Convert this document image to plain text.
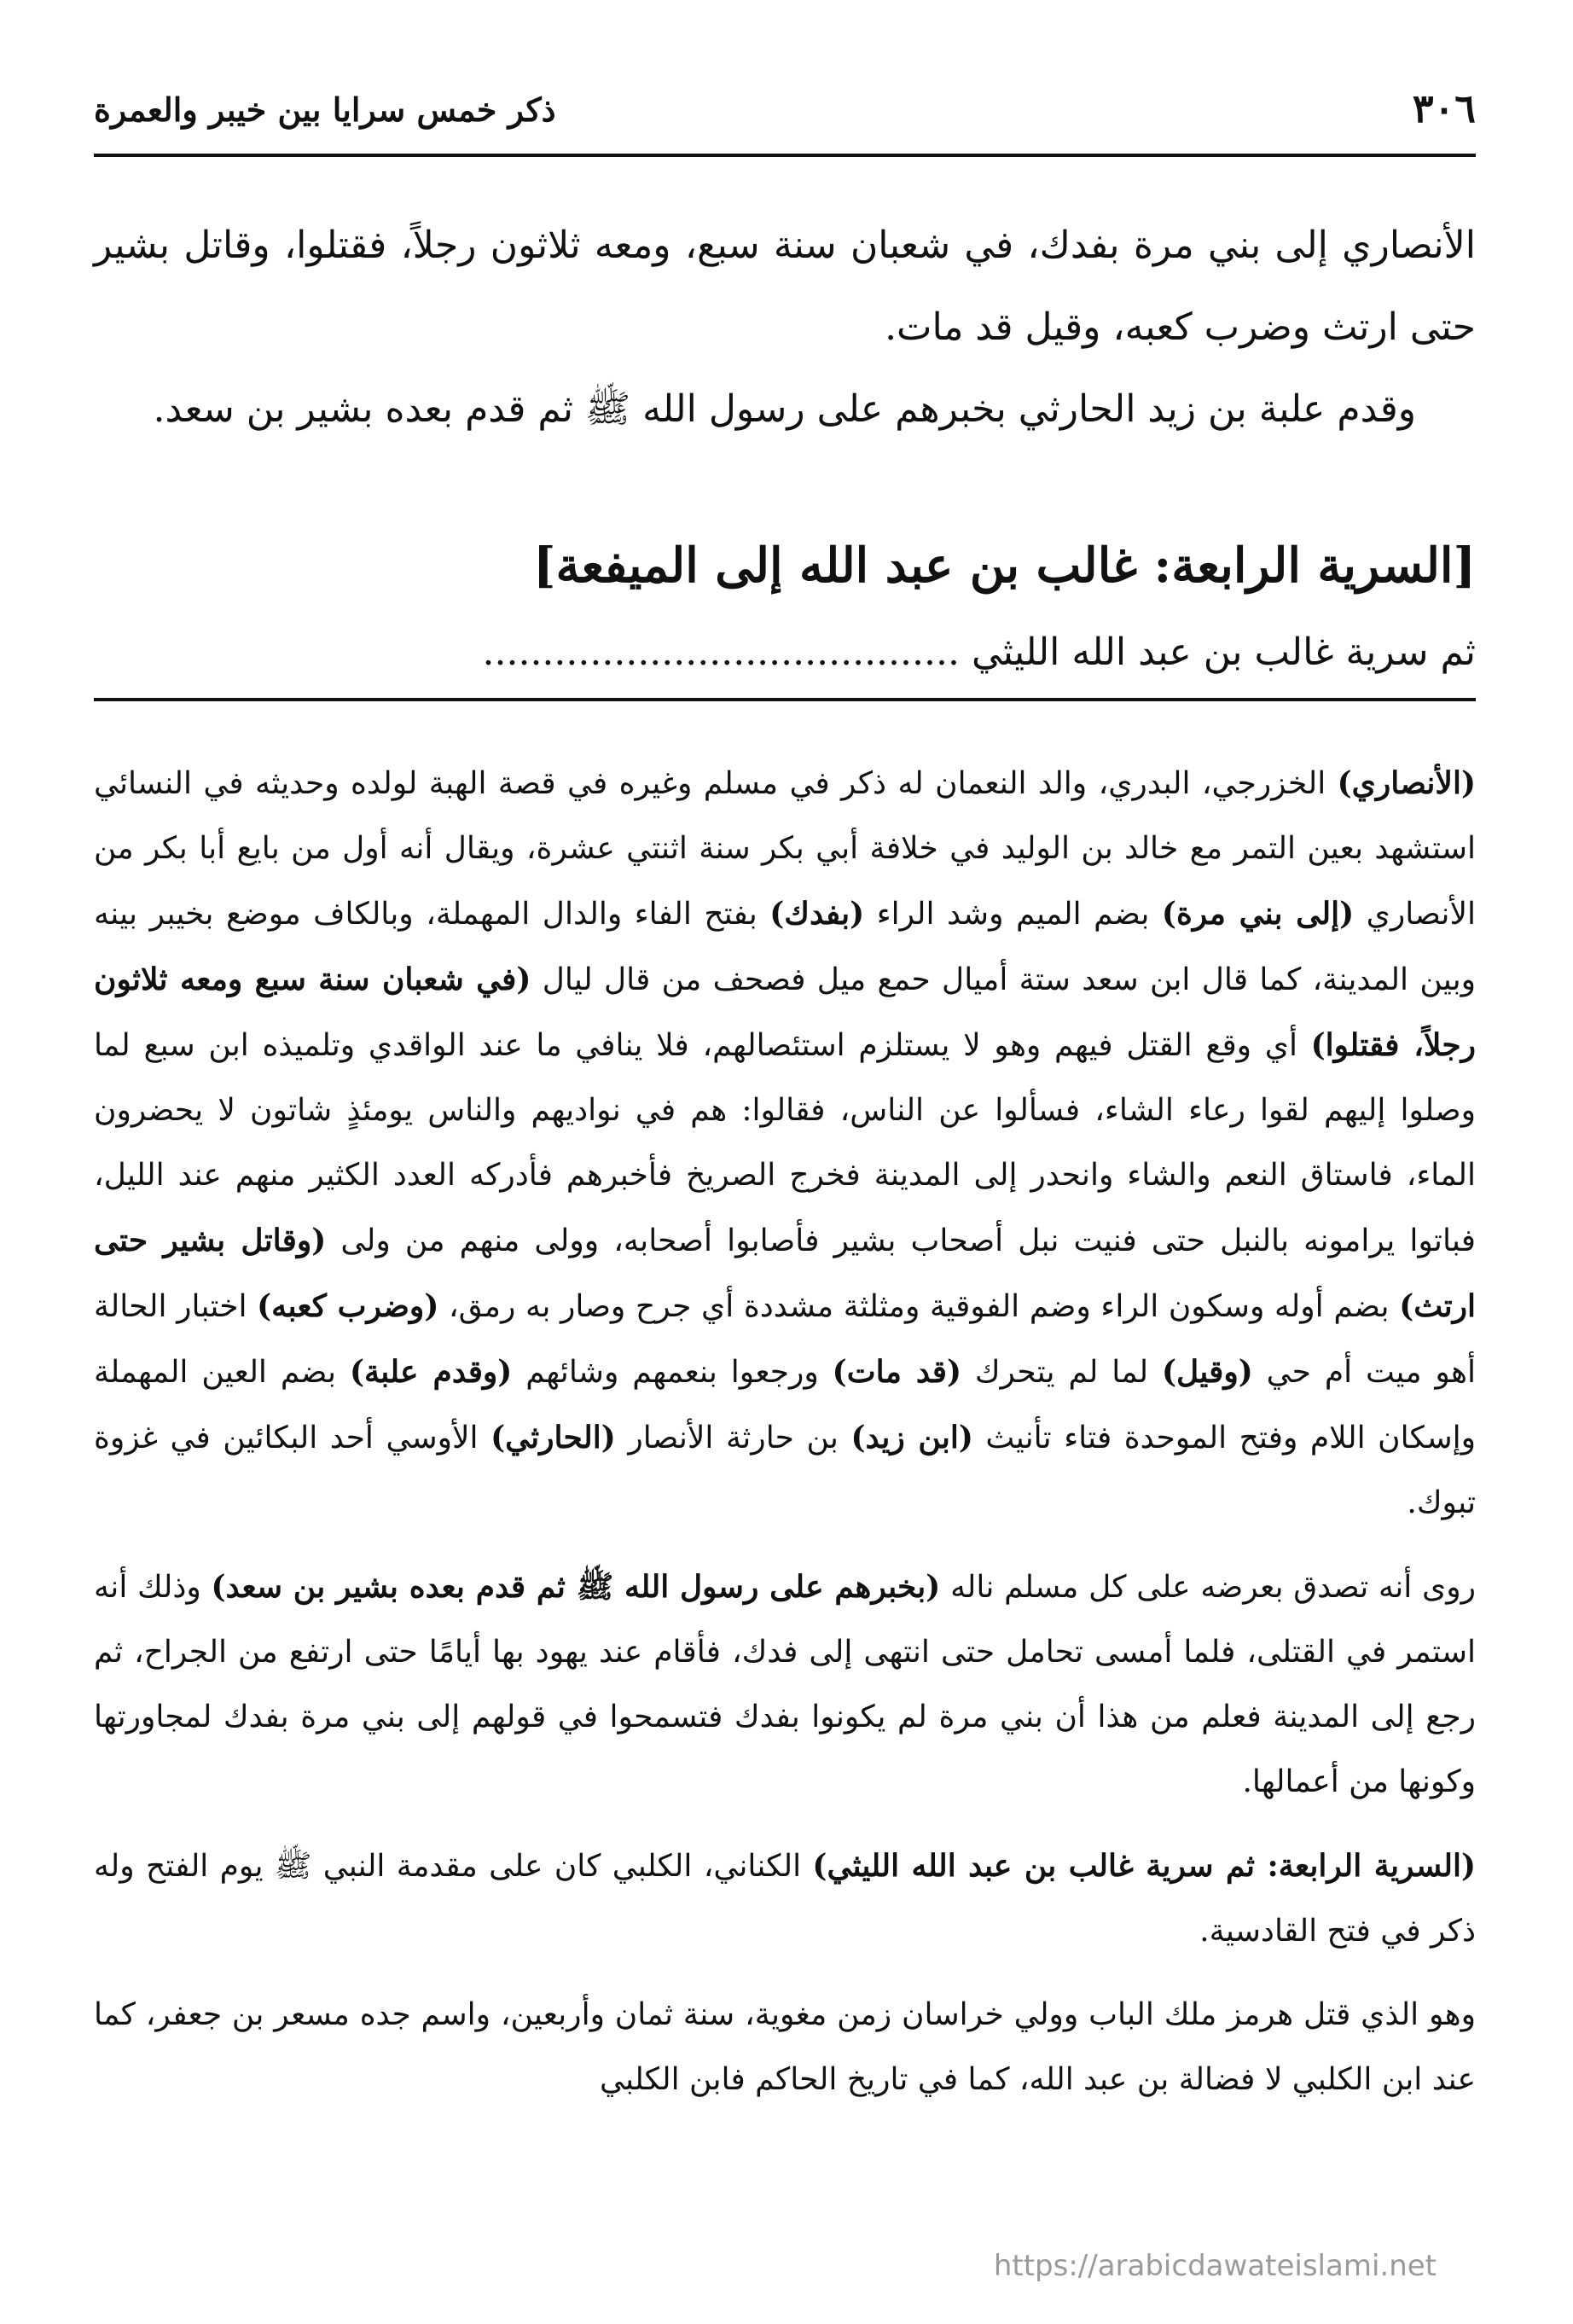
٣٠٦
ذكر خمس سرايا بين خيبر والعمرة

الأنصاري إلى بني مرة بفدك، في شعبان سنة سبع، ومعه ثلاثون رجلاً، فقتلوا، وقاتل بشير حتى ارتث وضرب كعبه، وقيل قد مات.

وقدم علبة بن زيد الحارثي بخبرهم على رسول الله ﷺ ثم قدم بعده بشير بن سعد.

[السرية الرابعة: غالب بن عبد الله إلى الميفعة]
ثم سرية غالب بن عبد الله الليثي ........................................

(الأنصاري) الخزرجي، البدري، والد النعمان له ذكر في مسلم وغيره في قصة الهبة لولده وحديثه في النسائي استشهد بعين التمر مع خالد بن الوليد في خلافة أبي بكر سنة اثنتي عشرة، ويقال أنه أول من بايع أبا بكر من الأنصاري (إلى بني مرة) بضم الميم وشد الراء (بفدك) بفتح الفاء والدال المهملة، وبالكاف موضع بخيبر بينه وبين المدينة، كما قال ابن سعد ستة أميال حمع ميل فصحف من قال ليال (في شعبان سنة سبع ومعه ثلاثون رجلاً، فقتلوا) أي وقع القتل فيهم وهو لا يستلزم استئصالهم، فلا ينافي ما عند الواقدي وتلميذه ابن سبع لما وصلوا إليهم لقوا رعاء الشاء، فسألوا عن الناس، فقالوا: هم في نواديهم والناس يومئذٍ شاتون لا يحضرون الماء، فاستاق النعم والشاء وانحدر إلى المدينة فخرج الصريخ فأخبرهم فأدركه العدد الكثير منهم عند الليل، فباتوا يرامونه بالنبل حتى فنيت نبل أصحاب بشير فأصابوا أصحابه، وولى منهم من ولى (وقاتل بشير حتى ارتث) بضم أوله وسكون الراء وضم الفوقية ومثلثة مشددة أي جرح وصار به رمق، (وضرب كعبه) اختبار الحالة أهو ميت أم حي (وقيل) لما لم يتحرك (قد مات) ورجعوا بنعمهم وشائهم (وقدم علبة) بضم العين المهملة وإسكان اللام وفتح الموحدة فتاء تأنيث (ابن زيد) بن حارثة الأنصار (الحارثي) الأوسي أحد البكائين في غزوة تبوك.

روى أنه تصدق بعرضه على كل مسلم ناله (بخبرهم على رسول الله ﷺ ثم قدم بعده بشير بن سعد) وذلك أنه استمر في القتلى، فلما أمسى تحامل حتى انتهى إلى فدك، فأقام عند يهود بها أيامًا حتى ارتفع من الجراح، ثم رجع إلى المدينة فعلم من هذا أن بني مرة لم يكونوا بفدك فتسمحوا في قولهم إلى بني مرة بفدك لمجاورتها وكونها من أعمالها.

(السرية الرابعة: ثم سرية غالب بن عبد الله الليثي) الكناني، الكلبي كان على مقدمة النبي ﷺ يوم الفتح وله ذكر في فتح القادسية.

وهو الذي قتل هرمز ملك الباب وولي خراسان زمن مغوية، سنة ثمان وأربعين، واسم جده مسعر بن جعفر، كما عند ابن الكلبي لا فضالة بن عبد الله، كما في تاريخ الحاكم فابن الكلبي

https://arabicdawateislami.net
